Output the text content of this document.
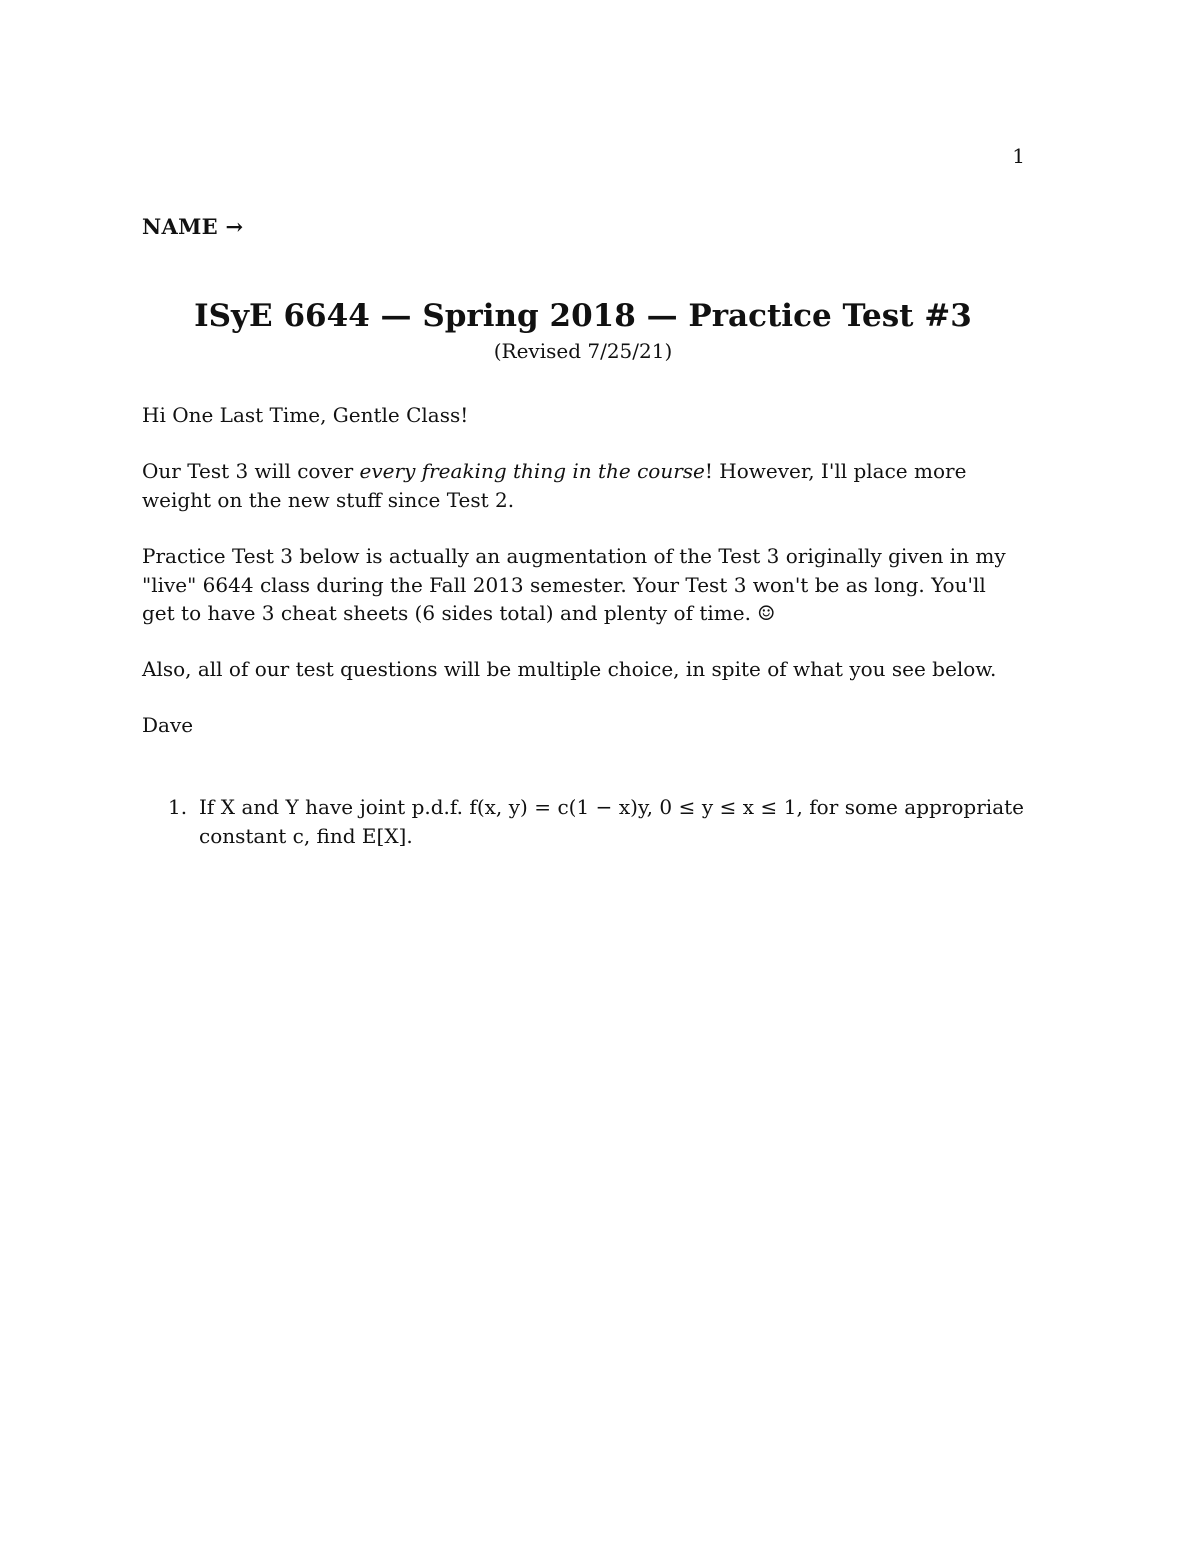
1
NAME →
ISyE 6644 — Spring 2018 — Practice Test #3
(Revised 7/25/21)

Hi One Last Time, Gentle Class!

Our Test 3 will cover every freaking thing in the course! However, I'll place more weight on the new stuff since Test 2.

Practice Test 3 below is actually an augmentation of the Test 3 originally given in my "live" 6644 class during the Fall 2013 semester. Your Test 3 won't be as long. You'll get to have 3 cheat sheets (6 sides total) and plenty of time. ☺

Also, all of our test questions will be multiple choice, in spite of what you see below.

Dave

1. If X and Y have joint p.d.f. f(x, y) = c(1 − x)y, 0 ≤ y ≤ x ≤ 1, for some appropriate constant c, find E[X].
